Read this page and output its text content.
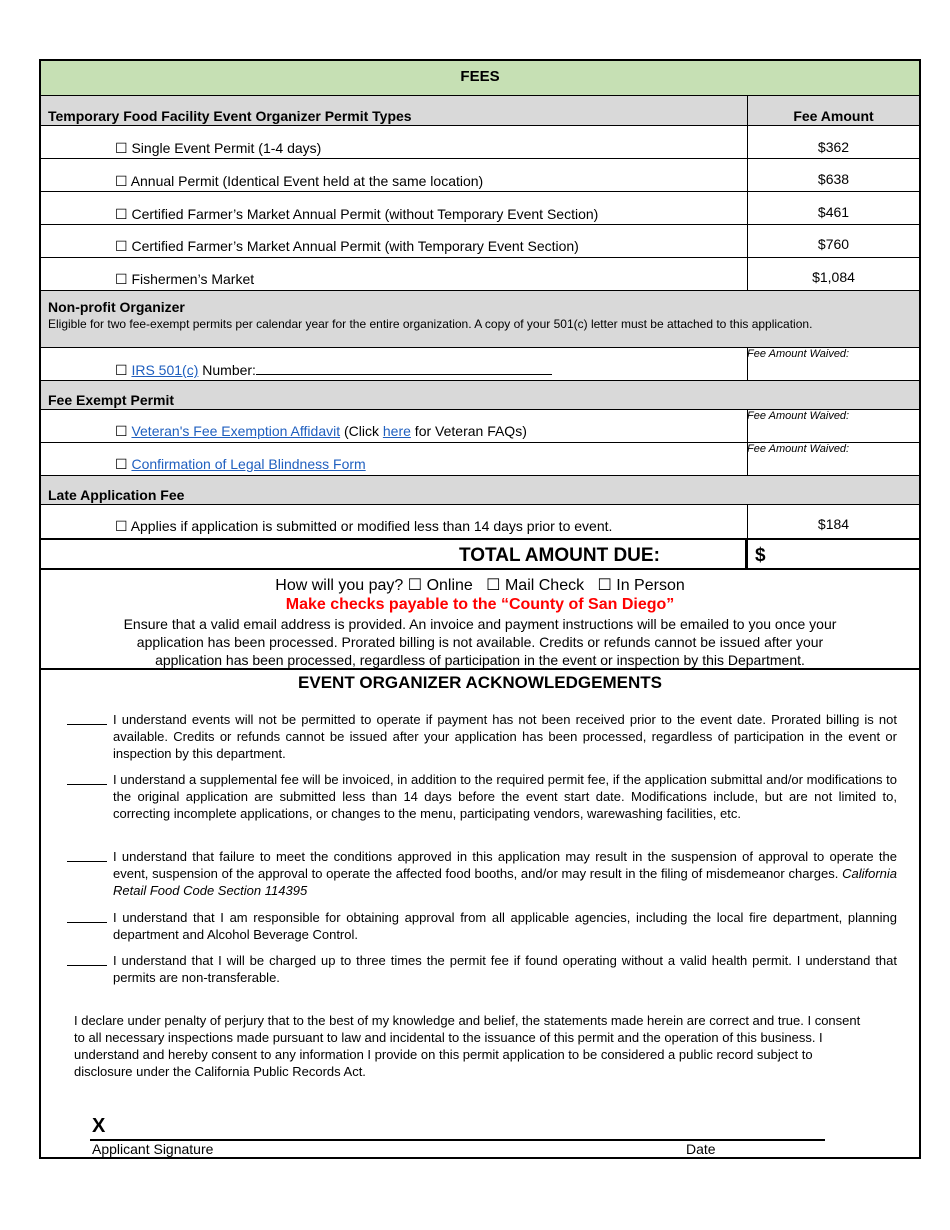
FEES
Temporary Food Facility Event Organizer Permit Types	Fee Amount
☐ Single Event Permit (1-4 days)	$362
☐ Annual Permit (Identical Event held at the same location)	$638
☐ Certified Farmer’s Market Annual Permit (without Temporary Event Section)	$461
☐ Certified Farmer’s Market Annual Permit (with Temporary Event Section)	$760
☐ Fishermen’s Market	$1,084
Non-profit Organizer
Eligible for two fee-exempt permits per calendar year for the entire organization. A copy of your 501(c) letter must be attached to this application.
☐ IRS 501(c) Number:
Fee Amount Waived:
Fee Exempt Permit
☐ Veteran's Fee Exemption Affidavit (Click here for Veteran FAQs)
Fee Amount Waived:
☐ Confirmation of Legal Blindness Form
Fee Amount Waived:
Late Application Fee
☐ Applies if application is submitted or modified less than 14 days prior to event.	$184
TOTAL AMOUNT DUE:	$
How will you pay? ☐ Online ☐ Mail Check ☐ In Person
Make checks payable to the “County of San Diego”
Ensure that a valid email address is provided. An invoice and payment instructions will be emailed to you once your
application has been processed. Prorated billing is not available. Credits or refunds cannot be issued after your
application has been processed, regardless of participation in the event or inspection by this Department.
EVENT ORGANIZER ACKNOWLEDGEMENTS
I understand events will not be permitted to operate if payment has not been received prior to the event date. Prorated billing is not available. Credits or refunds cannot be issued after your application has been processed, regardless of participation in the event or inspection by this department.
I understand a supplemental fee will be invoiced, in addition to the required permit fee, if the application submittal and/or modifications to the original application are submitted less than 14 days before the event start date. Modifications include, but are not limited to, correcting incomplete applications, or changes to the menu, participating vendors, warewashing facilities, etc.
I understand that failure to meet the conditions approved in this application may result in the suspension of approval to operate the event, suspension of the approval to operate the affected food booths, and/or may result in the filing of misdemeanor charges. California Retail Food Code Section 114395
I understand that I am responsible for obtaining approval from all applicable agencies, including the local fire department, planning department and Alcohol Beverage Control.
I understand that I will be charged up to three times the permit fee if found operating without a valid health permit. I understand that permits are non-transferable.
I declare under penalty of perjury that to the best of my knowledge and belief, the statements made herein are correct and true. I consent to all necessary inspections made pursuant to law and incidental to the issuance of this permit and the operation of this business. I understand and hereby consent to any information I provide on this permit application to be considered a public record subject to disclosure under the California Public Records Act.
X
Applicant Signature	Date
